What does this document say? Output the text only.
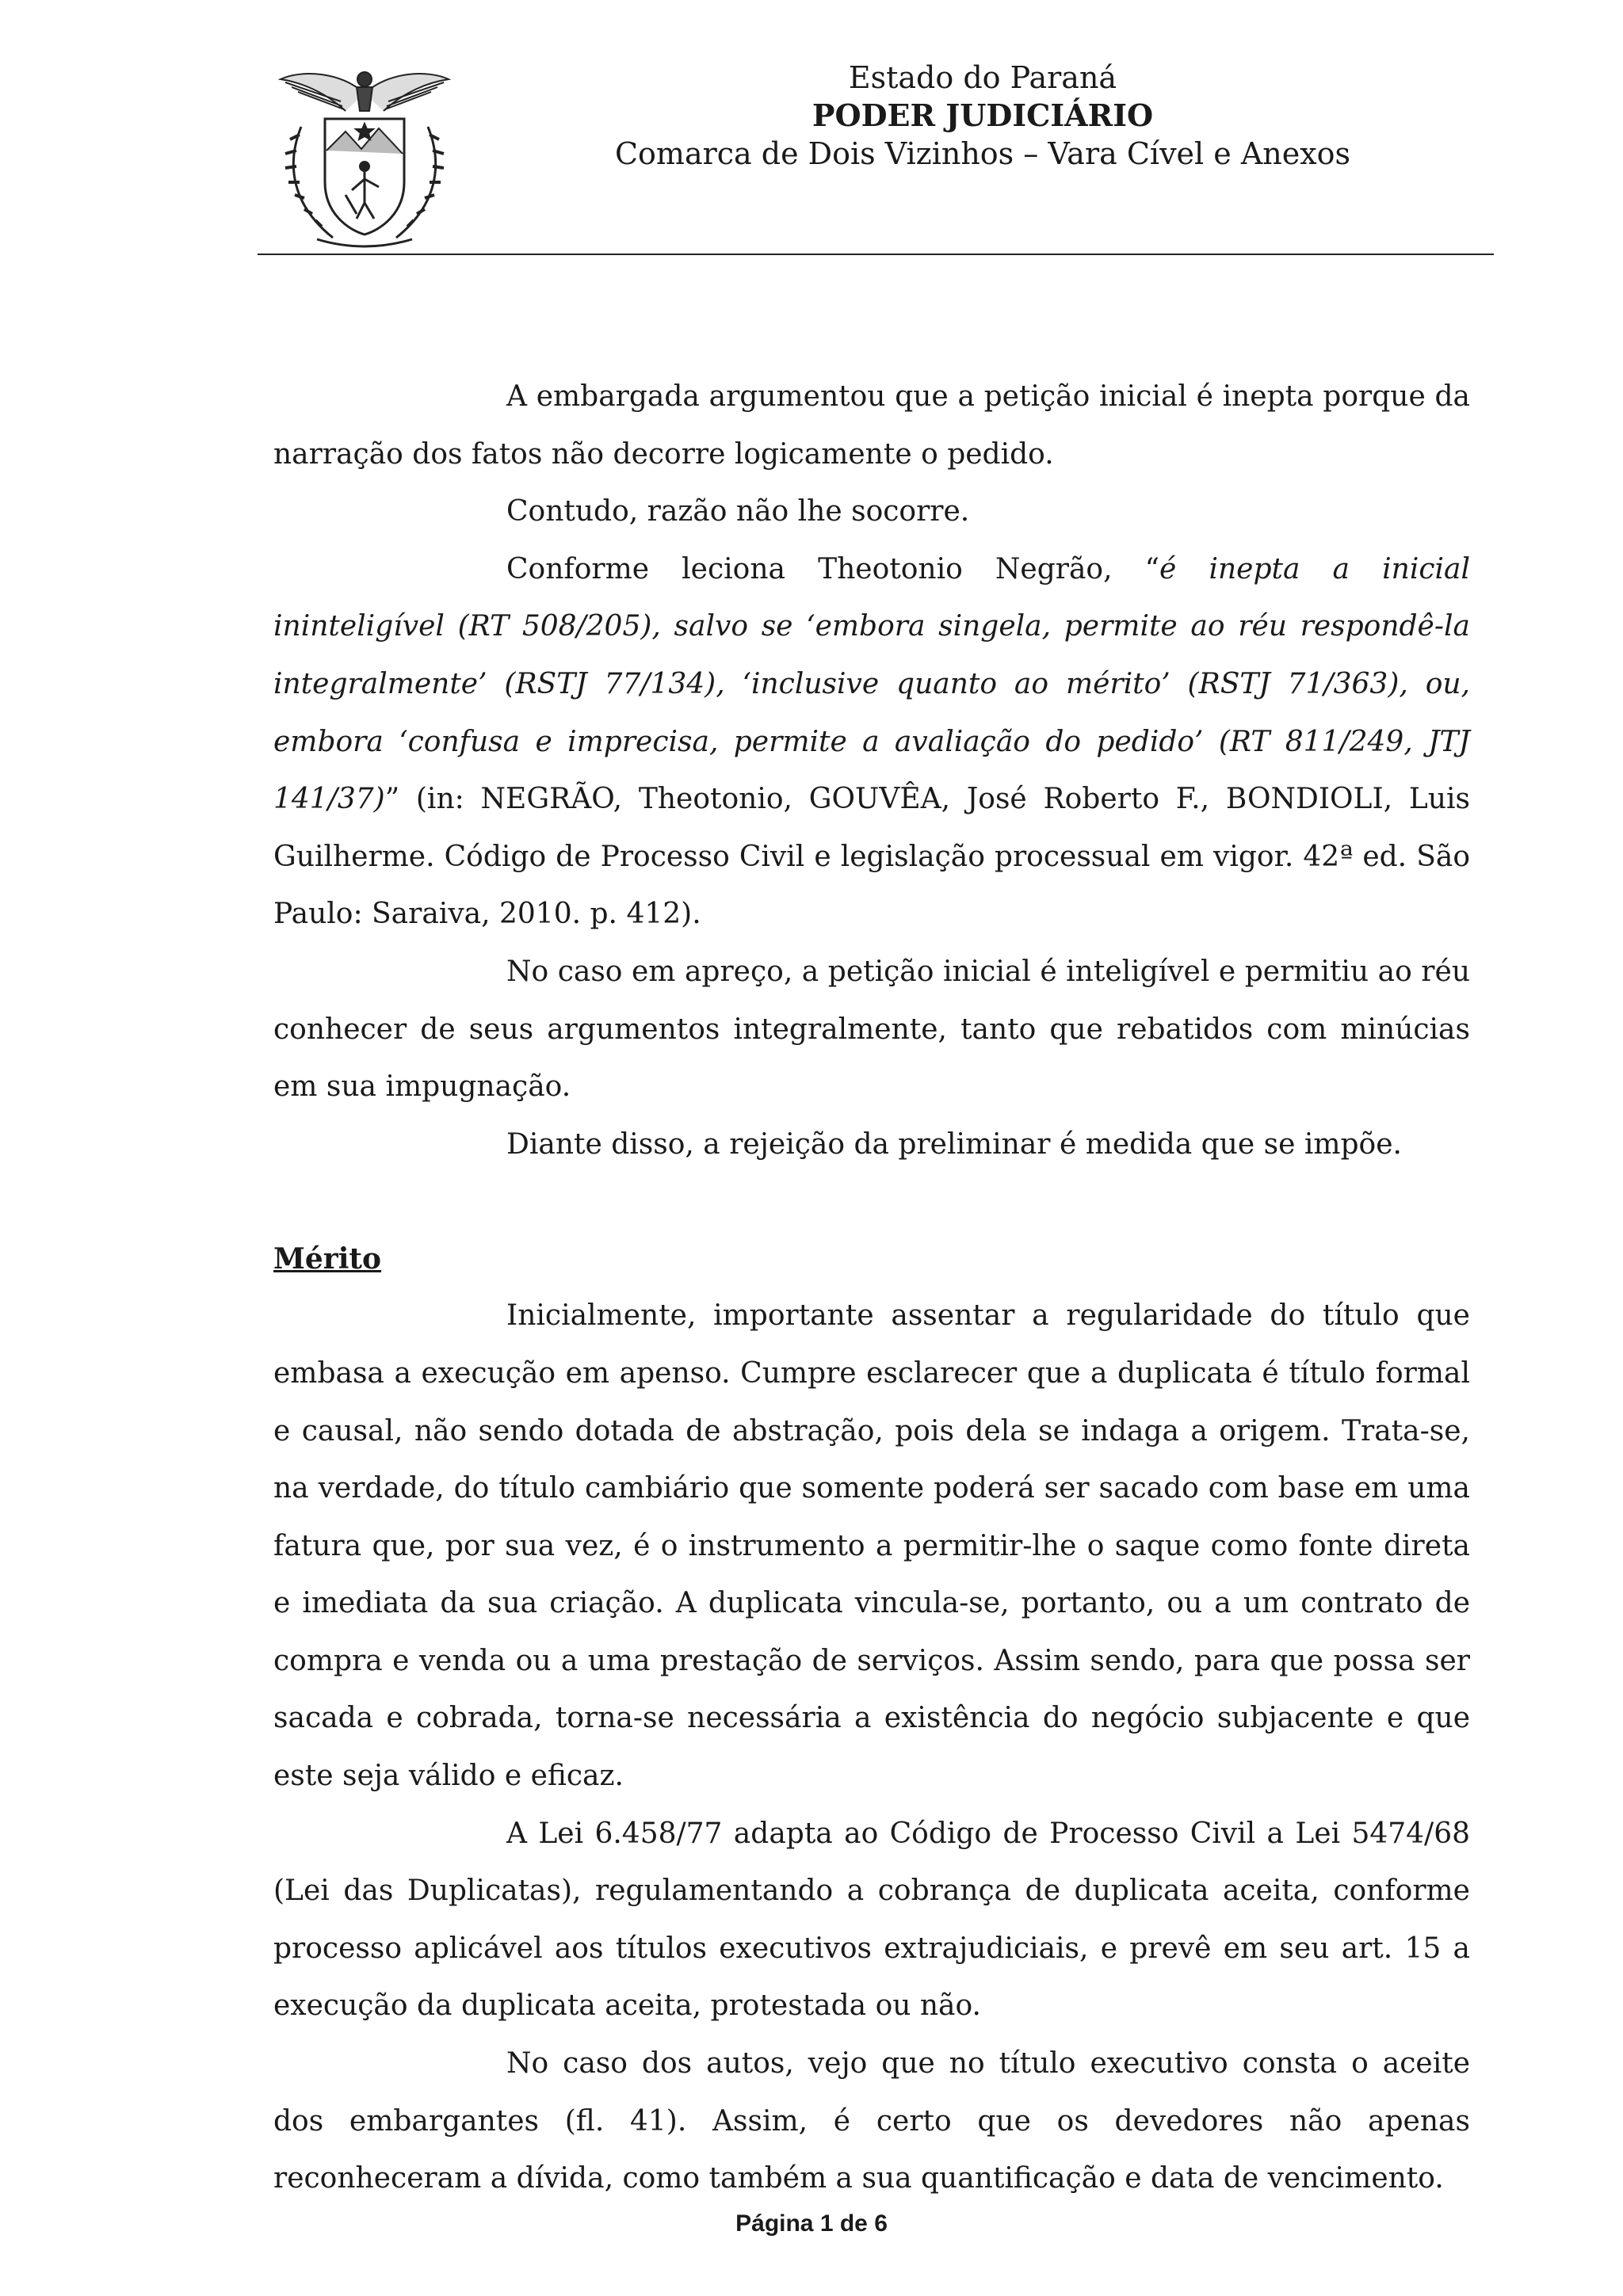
Estado do Paraná
PODER JUDICIÁRIO
Comarca de Dois Vizinhos – Vara Cível e Anexos

A embargada argumentou que a petição inicial é inepta porque da narração dos fatos não decorre logicamente o pedido.

Contudo, razão não lhe socorre.

Conforme leciona Theotonio Negrão, “é inepta a inicial ininteligível (RT 508/205), salvo se ‘embora singela, permite ao réu respondê-la integralmente’ (RSTJ 77/134), ‘inclusive quanto ao mérito’ (RSTJ 71/363), ou, embora ‘confusa e imprecisa, permite a avaliação do pedido’ (RT 811/249, JTJ 141/37)” (in: NEGRÃO, Theotonio, GOUVÊA, José Roberto F., BONDIOLI, Luis Guilherme. Código de Processo Civil e legislação processual em vigor. 42ª ed. São Paulo: Saraiva, 2010. p. 412).

No caso em apreço, a petição inicial é inteligível e permitiu ao réu conhecer de seus argumentos integralmente, tanto que rebatidos com minúcias em sua impugnação.

Diante disso, a rejeição da preliminar é medida que se impõe.

Mérito

Inicialmente, importante assentar a regularidade do título que embasa a execução em apenso. Cumpre esclarecer que a duplicata é título formal e causal, não sendo dotada de abstração, pois dela se indaga a origem. Trata-se, na verdade, do título cambiário que somente poderá ser sacado com base em uma fatura que, por sua vez, é o instrumento a permitir-lhe o saque como fonte direta e imediata da sua criação. A duplicata vincula-se, portanto, ou a um contrato de compra e venda ou a uma prestação de serviços. Assim sendo, para que possa ser sacada e cobrada, torna-se necessária a existência do negócio subjacente e que este seja válido e eficaz.

A Lei 6.458/77 adapta ao Código de Processo Civil a Lei 5474/68 (Lei das Duplicatas), regulamentando a cobrança de duplicata aceita, conforme processo aplicável aos títulos executivos extrajudiciais, e prevê em seu art. 15 a execução da duplicata aceita, protestada ou não.

No caso dos autos, vejo que no título executivo consta o aceite dos embargantes (fl. 41). Assim, é certo que os devedores não apenas reconheceram a dívida, como também a sua quantificação e data de vencimento.

Página 1 de 6
